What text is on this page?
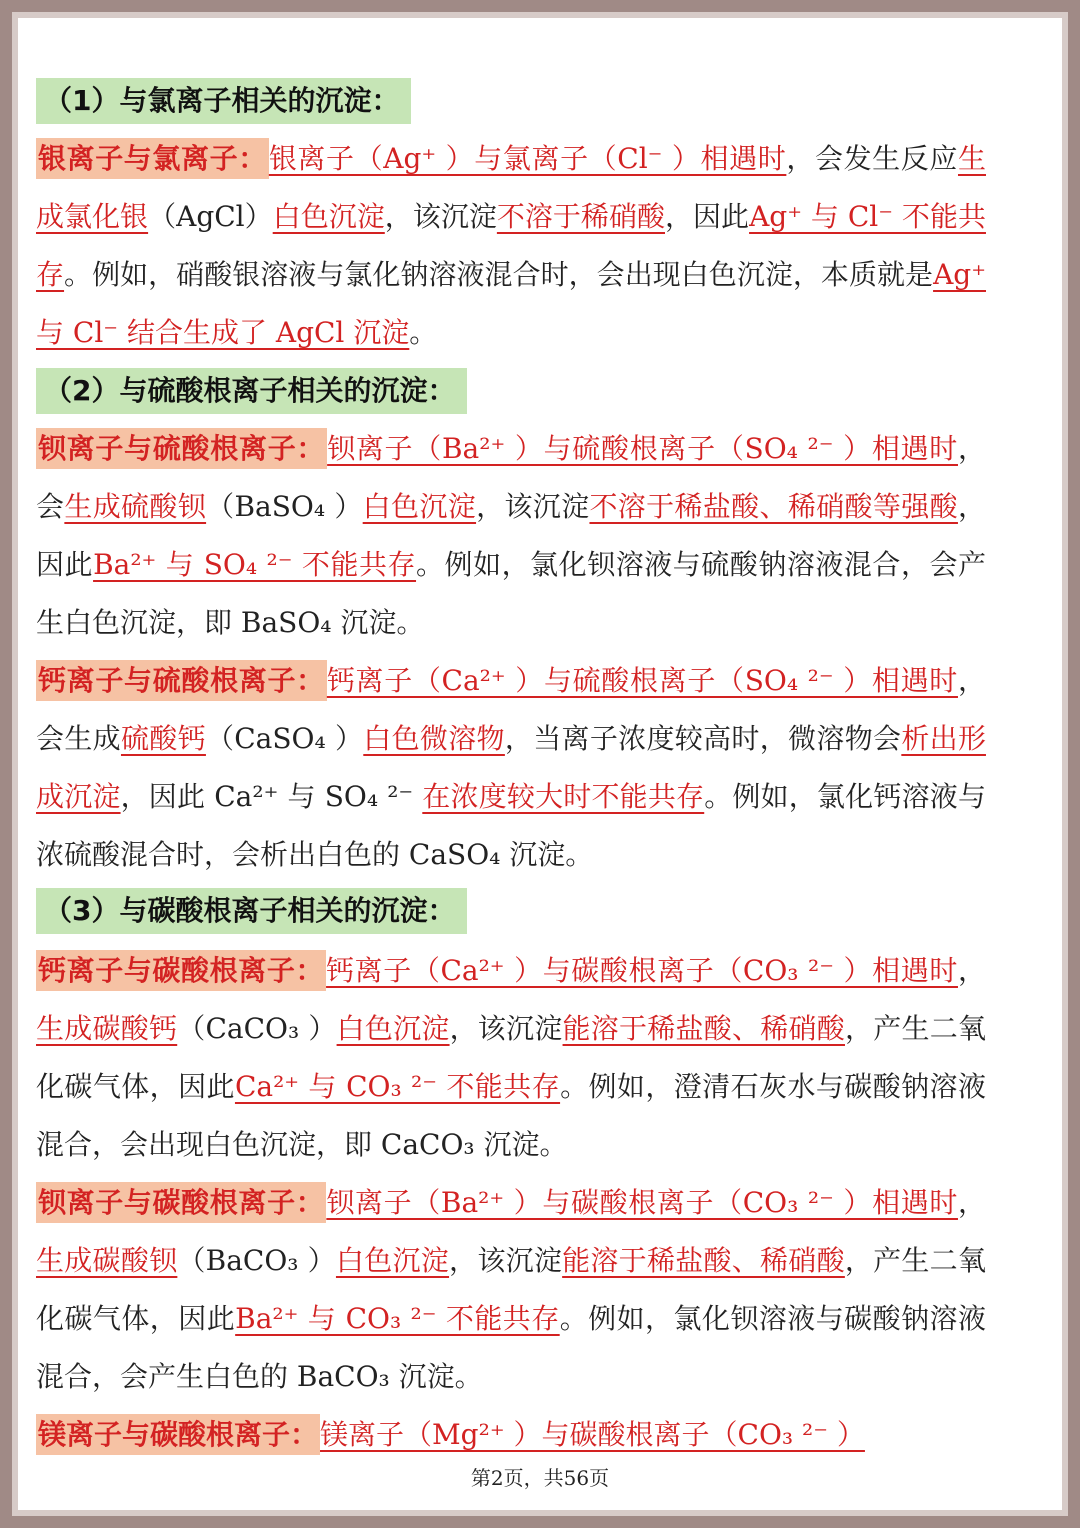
（1）与氯离子相关的沉淀：
银离子与氯离子：银离子（Ag⁺ ）与氯离子（Cl⁻ ）相遇时，会发生反应生成氯化银（AgCl）白色沉淀，该沉淀不溶于稀硝酸，因此Ag⁺ 与 Cl⁻ 不能共存。例如，硝酸银溶液与氯化钠溶液混合时，会出现白色沉淀，本质就是Ag⁺ 与 Cl⁻ 结合生成了 AgCl 沉淀。
（2）与硫酸根离子相关的沉淀：
钡离子与硫酸根离子：钡离子（Ba²⁺ ）与硫酸根离子（SO₄ ²⁻ ）相遇时，会生成硫酸钡（BaSO₄ ）白色沉淀，该沉淀不溶于稀盐酸、稀硝酸等强酸，因此Ba²⁺ 与 SO₄ ²⁻ 不能共存。例如，氯化钡溶液与硫酸钠溶液混合，会产生白色沉淀，即 BaSO₄ 沉淀。
钙离子与硫酸根离子：钙离子（Ca²⁺ ）与硫酸根离子（SO₄ ²⁻ ）相遇时，会生成硫酸钙（CaSO₄ ）白色微溶物，当离子浓度较高时，微溶物会析出形成沉淀，因此 Ca²⁺ 与 SO₄ ²⁻ 在浓度较大时不能共存。例如，氯化钙溶液与浓硫酸混合时，会析出白色的 CaSO₄ 沉淀。
（3）与碳酸根离子相关的沉淀：
钙离子与碳酸根离子：钙离子（Ca²⁺ ）与碳酸根离子（CO₃ ²⁻ ）相遇时，生成碳酸钙（CaCO₃ ）白色沉淀，该沉淀能溶于稀盐酸、稀硝酸，产生二氧化碳气体，因此Ca²⁺ 与 CO₃ ²⁻ 不能共存。例如，澄清石灰水与碳酸钠溶液混合，会出现白色沉淀，即 CaCO₃ 沉淀。
钡离子与碳酸根离子：钡离子（Ba²⁺ ）与碳酸根离子（CO₃ ²⁻ ）相遇时，生成碳酸钡（BaCO₃ ）白色沉淀，该沉淀能溶于稀盐酸、稀硝酸，产生二氧化碳气体，因此Ba²⁺ 与 CO₃ ²⁻ 不能共存。例如，氯化钡溶液与碳酸钠溶液混合，会产生白色的 BaCO₃ 沉淀。
镁离子与碳酸根离子：镁离子（Mg²⁺ ）与碳酸根离子（CO₃ ²⁻ ）
第2页，共56页
